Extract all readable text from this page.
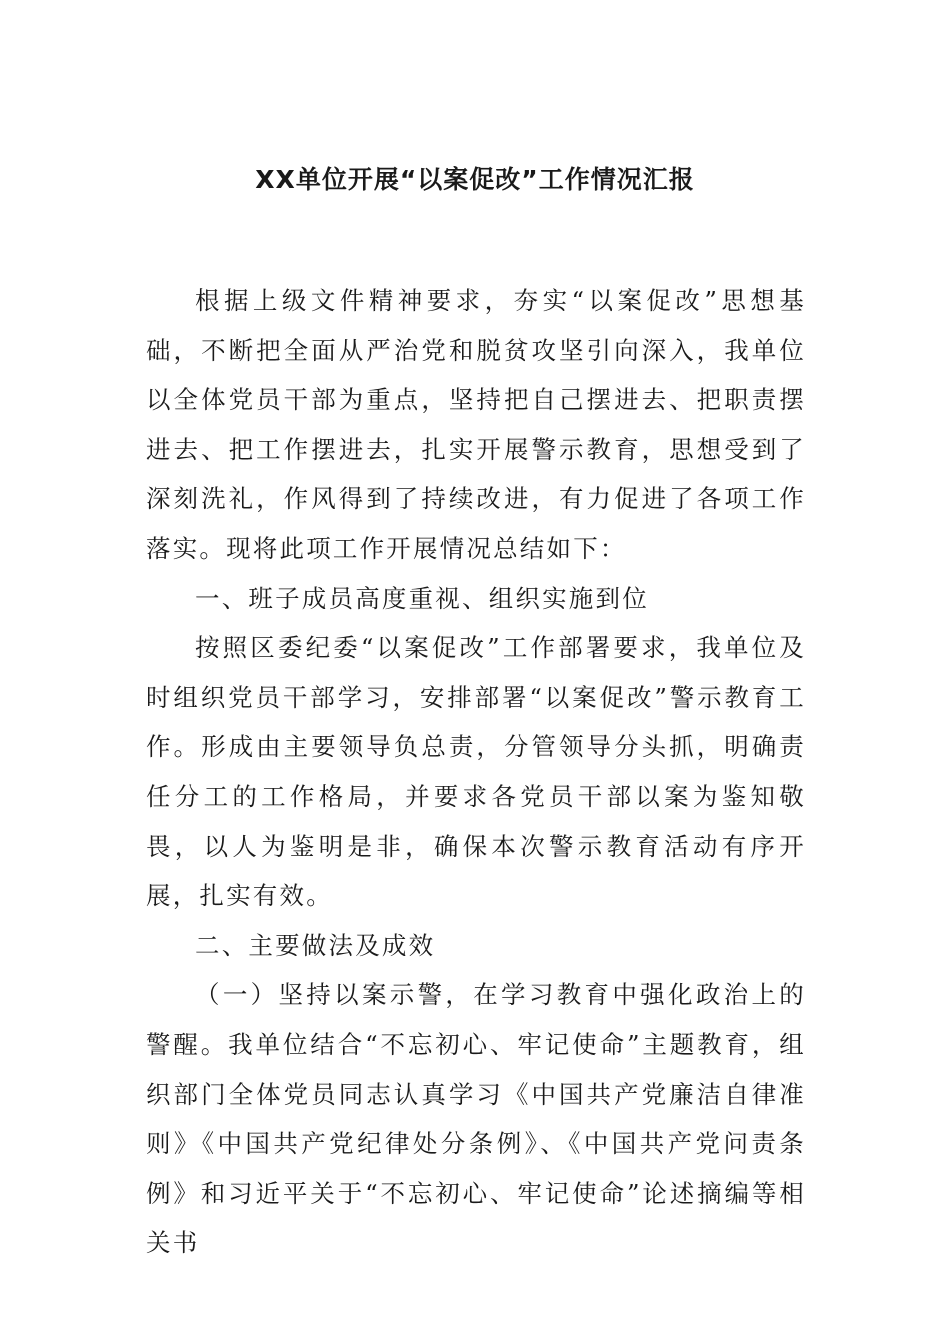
XX单位开展“以案促改”工作情况汇报

根据上级文件精神要求，夯实“以案促改”思想基础，不断把全面从严治党和脱贫攻坚引向深入，我单位以全体党员干部为重点，坚持把自己摆进去、把职责摆进去、把工作摆进去，扎实开展警示教育，思想受到了深刻洗礼，作风得到了持续改进，有力促进了各项工作落实。现将此项工作开展情况总结如下：

一、班子成员高度重视、组织实施到位

按照区委纪委“以案促改”工作部署要求，我单位及时组织党员干部学习，安排部署“以案促改”警示教育工作。形成由主要领导负总责，分管领导分头抓，明确责任分工的工作格局，并要求各党员干部以案为鉴知敬畏，以人为鉴明是非，确保本次警示教育活动有序开展，扎实有效。

二、主要做法及成效

（一）坚持以案示警，在学习教育中强化政治上的警醒。我单位结合“不忘初心、牢记使命”主题教育，组织部门全体党员同志认真学习《中国共产党廉洁自律准则》《中国共产党纪律处分条例》、《中国共产党问责条例》和习近平关于“不忘初心、牢记使命”论述摘编等相关书
